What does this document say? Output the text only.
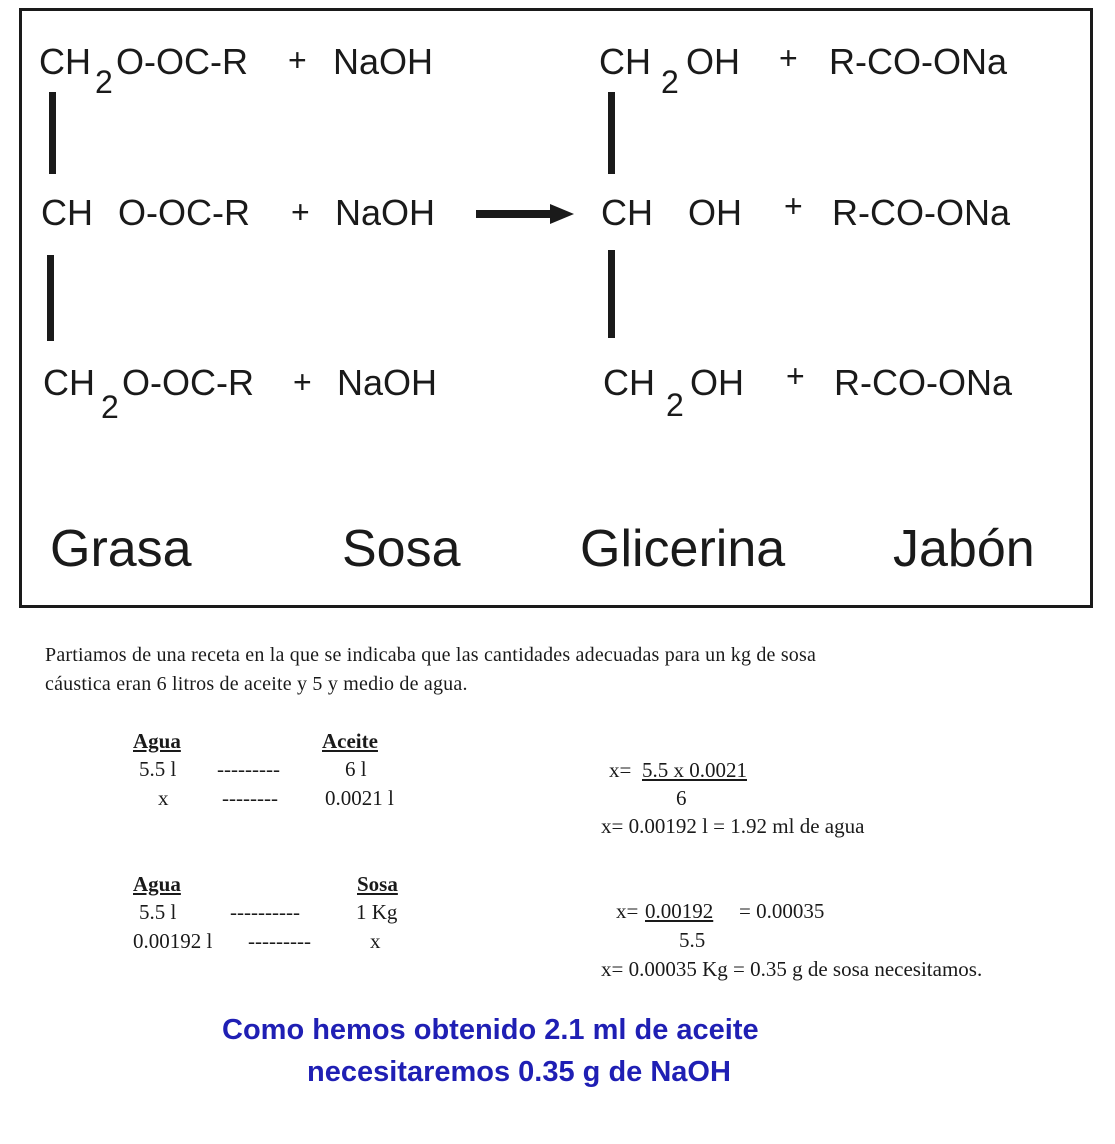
CH 2 O-OC-R + NaOH	CH 2 OH + R-CO-ONa
CH O-OC-R + NaOH	CH OH + R-CO-ONa
CH
2
O-OC-R + NaOH	CH
2
OH + R-CO-ONa
Grasa	Sosa Glicerina Jabón
Partiamos de una receta en la que se indicaba que las cantidades adecuadas para un kg de sosa
cáustica eran 6 litros de aceite y 5 y medio de agua.
Agua	Aceite
5.5 l ---------	6 l
x	-------- 0.0021 l
x= 5.5 x 0.0021
6
x= 0.00192 l = 1.92 ml de agua
Agua	Sosa
5.5 l	----------	1 Kg
0.00192 l ---------	x
x= 0.00192 = 0.00035
5.5
x= 0.00035 Kg = 0.35 g de sosa necesitamos.
Como hemos obtenido 2.1 ml de aceite
necesitaremos 0.35 g de NaOH
